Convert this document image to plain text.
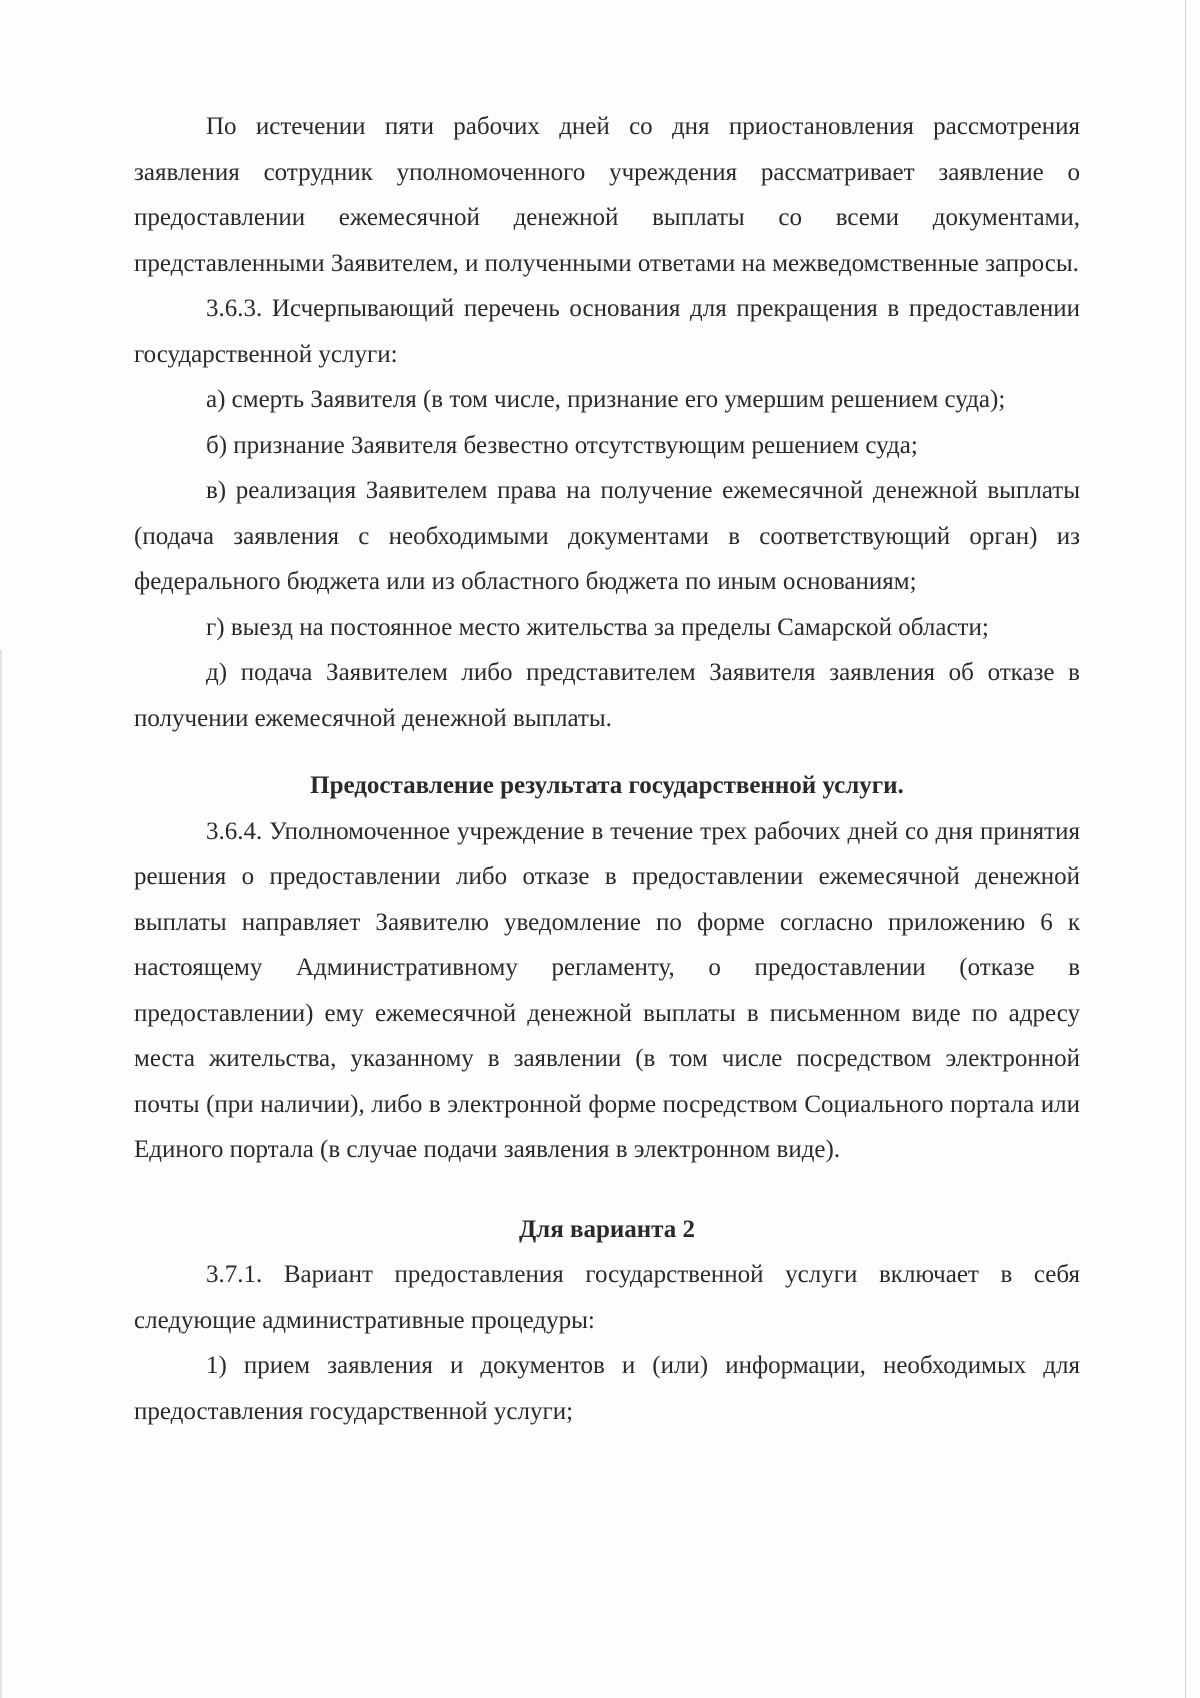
По истечении пяти рабочих дней со дня приостановления рассмотрения заявления сотрудник уполномоченного учреждения рассматривает заявление о предоставлении ежемесячной денежной выплаты со всеми документами, представленными Заявителем, и полученными ответами на межведомственные запросы.

3.6.3. Исчерпывающий перечень основания для прекращения в предоставлении государственной услуги:

а) смерть Заявителя (в том числе, признание его умершим решением суда);

б) признание Заявителя безвестно отсутствующим решением суда;

в) реализация Заявителем права на получение ежемесячной денежной выплаты (подача заявления с необходимыми документами в соответствующий орган) из федерального бюджета или из областного бюджета по иным основаниям;

г) выезд на постоянное место жительства за пределы Самарской области;

д) подача Заявителем либо представителем Заявителя заявления об отказе в получении ежемесячной денежной выплаты.

Предоставление результата государственной услуги.

3.6.4. Уполномоченное учреждение в течение трех рабочих дней со дня принятия решения о предоставлении либо отказе в предоставлении ежемесячной денежной выплаты направляет Заявителю уведомление по форме согласно приложению 6 к настоящему Административному регламенту, о предоставлении (отказе в предоставлении) ему ежемесячной денежной выплаты в письменном виде по адресу места жительства, указанному в заявлении (в том числе посредством электронной почты (при наличии), либо в электронной форме посредством Социального портала или Единого портала (в случае подачи заявления в электронном виде).

Для варианта 2

3.7.1. Вариант предоставления государственной услуги включает в себя следующие административные процедуры:

1) прием заявления и документов и (или) информации, необходимых для предоставления государственной услуги;
